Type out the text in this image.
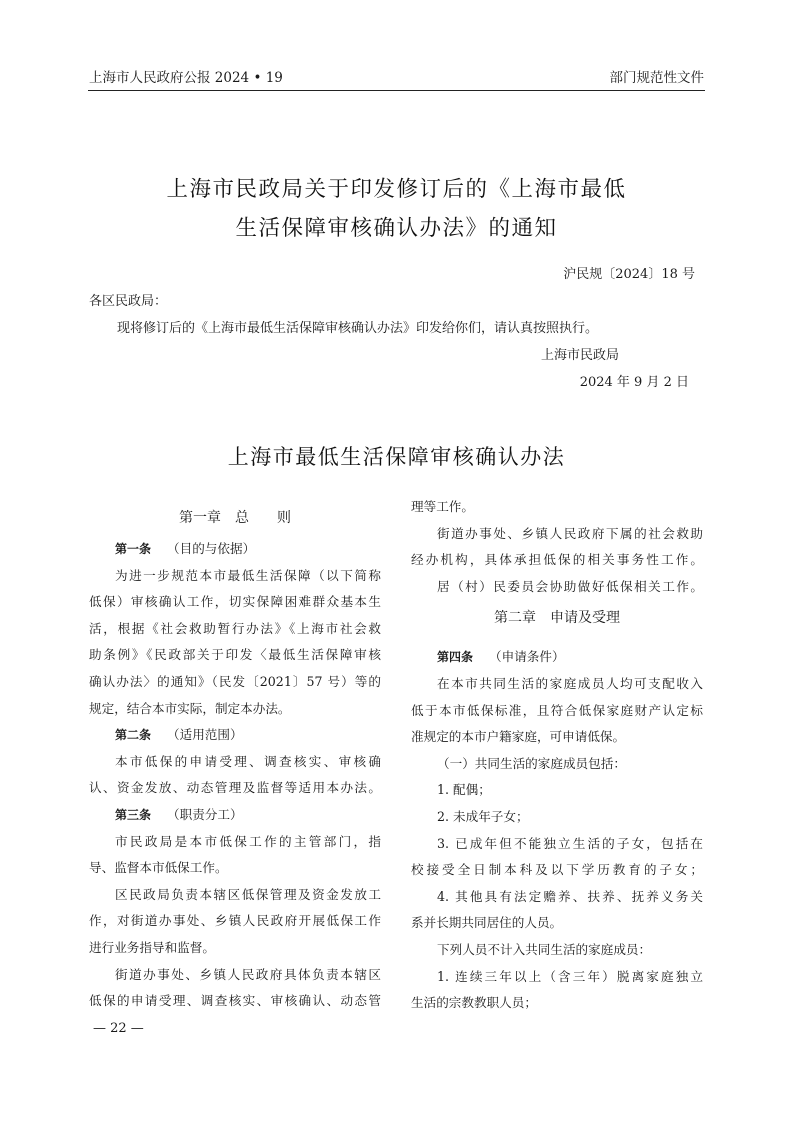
上海市人民政府公报 2024 • 19	部门规范性文件
上海市民政局关于印发修订后的《上海市最低
生活保障审核确认办法》的通知
沪民规〔2024〕18 号
各区民政局：
现将修订后的《上海市最低生活保障审核确认办法》印发给你们，请认真按照执行。
上海市民政局
2024 年 9 月 2 日
上海市最低生活保障审核确认办法
第一章　总　　则
第一条 （目的与依据）
为进一步规范本市最低生活保障（以下简称
低保）审核确认工作，切实保障困难群众基本生
活，根据《社会救助暂行办法》《上海市社会救
助条例》《民政部关于印发〈最低生活保障审核
确认办法〉的通知》（民发〔2021〕57 号）等的
规定，结合本市实际，制定本办法。
第二条 （适用范围）
本市低保的申请受理、调查核实、审核确
认、资金发放、动态管理及监督等适用本办法。
第三条 （职责分工）
市民政局是本市低保工作的主管部门，指
导、监督本市低保工作。
区民政局负责本辖区低保管理及资金发放工
作，对街道办事处、乡镇人民政府开展低保工作
进行业务指导和监督。
街道办事处、乡镇人民政府具体负责本辖区
低保的申请受理、调查核实、审核确认、动态管
理等工作。
街道办事处、乡镇人民政府下属的社会救助
经办机构，具体承担低保的相关事务性工作。
居（村）民委员会协助做好低保相关工作。
第二章　申请及受理
第四条 （申请条件）
在本市共同生活的家庭成员人均可支配收入
低于本市低保标准，且符合低保家庭财产认定标
准规定的本市户籍家庭，可申请低保。
（一）共同生活的家庭成员包括：
1. 配偶；
2. 未成年子女；
3. 已成年但不能独立生活的子女，包括在
校接受全日制本科及以下学历教育的子女；
4. 其他具有法定赡养、扶养、抚养义务关
系并长期共同居住的人员。
下列人员不计入共同生活的家庭成员：
1. 连续三年以上（含三年）脱离家庭独立
生活的宗教教职人员；
— 22 —
